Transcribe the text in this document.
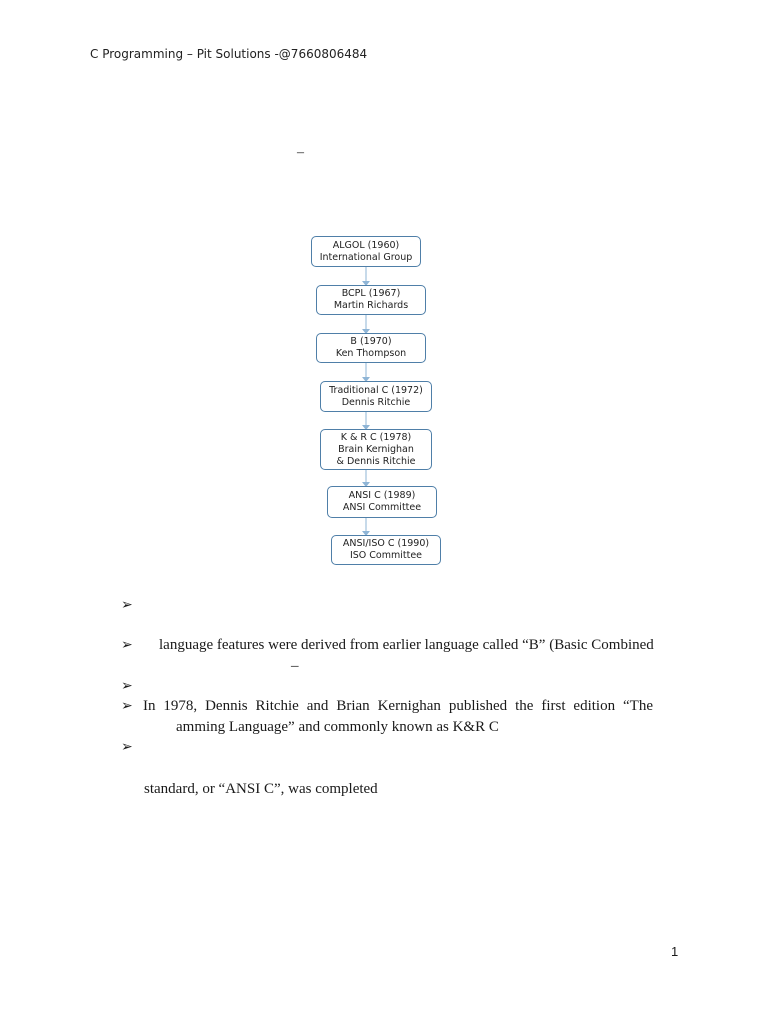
C Programming – Pit Solutions -@7660806484
–
ALGOL (1960)
International Group
BCPL (1967)
Martin Richards
B (1970)
Ken Thompson
Traditional C (1972)
Dennis Ritchie
K & R C (1978)
Brain Kernighan
& Dennis Ritchie
ANSI C (1989)
ANSI Committee
ANSI/ISO C (1990)
ISO Committee
➢
➢ language features were derived from earlier language called “B” (Basic Combined
–
➢
➢ In 1978, Dennis Ritchie and Brian Kernighan published the first edition “The
amming Language” and commonly known as K&R C
➢
standard, or “ANSI C”, was completed
1
